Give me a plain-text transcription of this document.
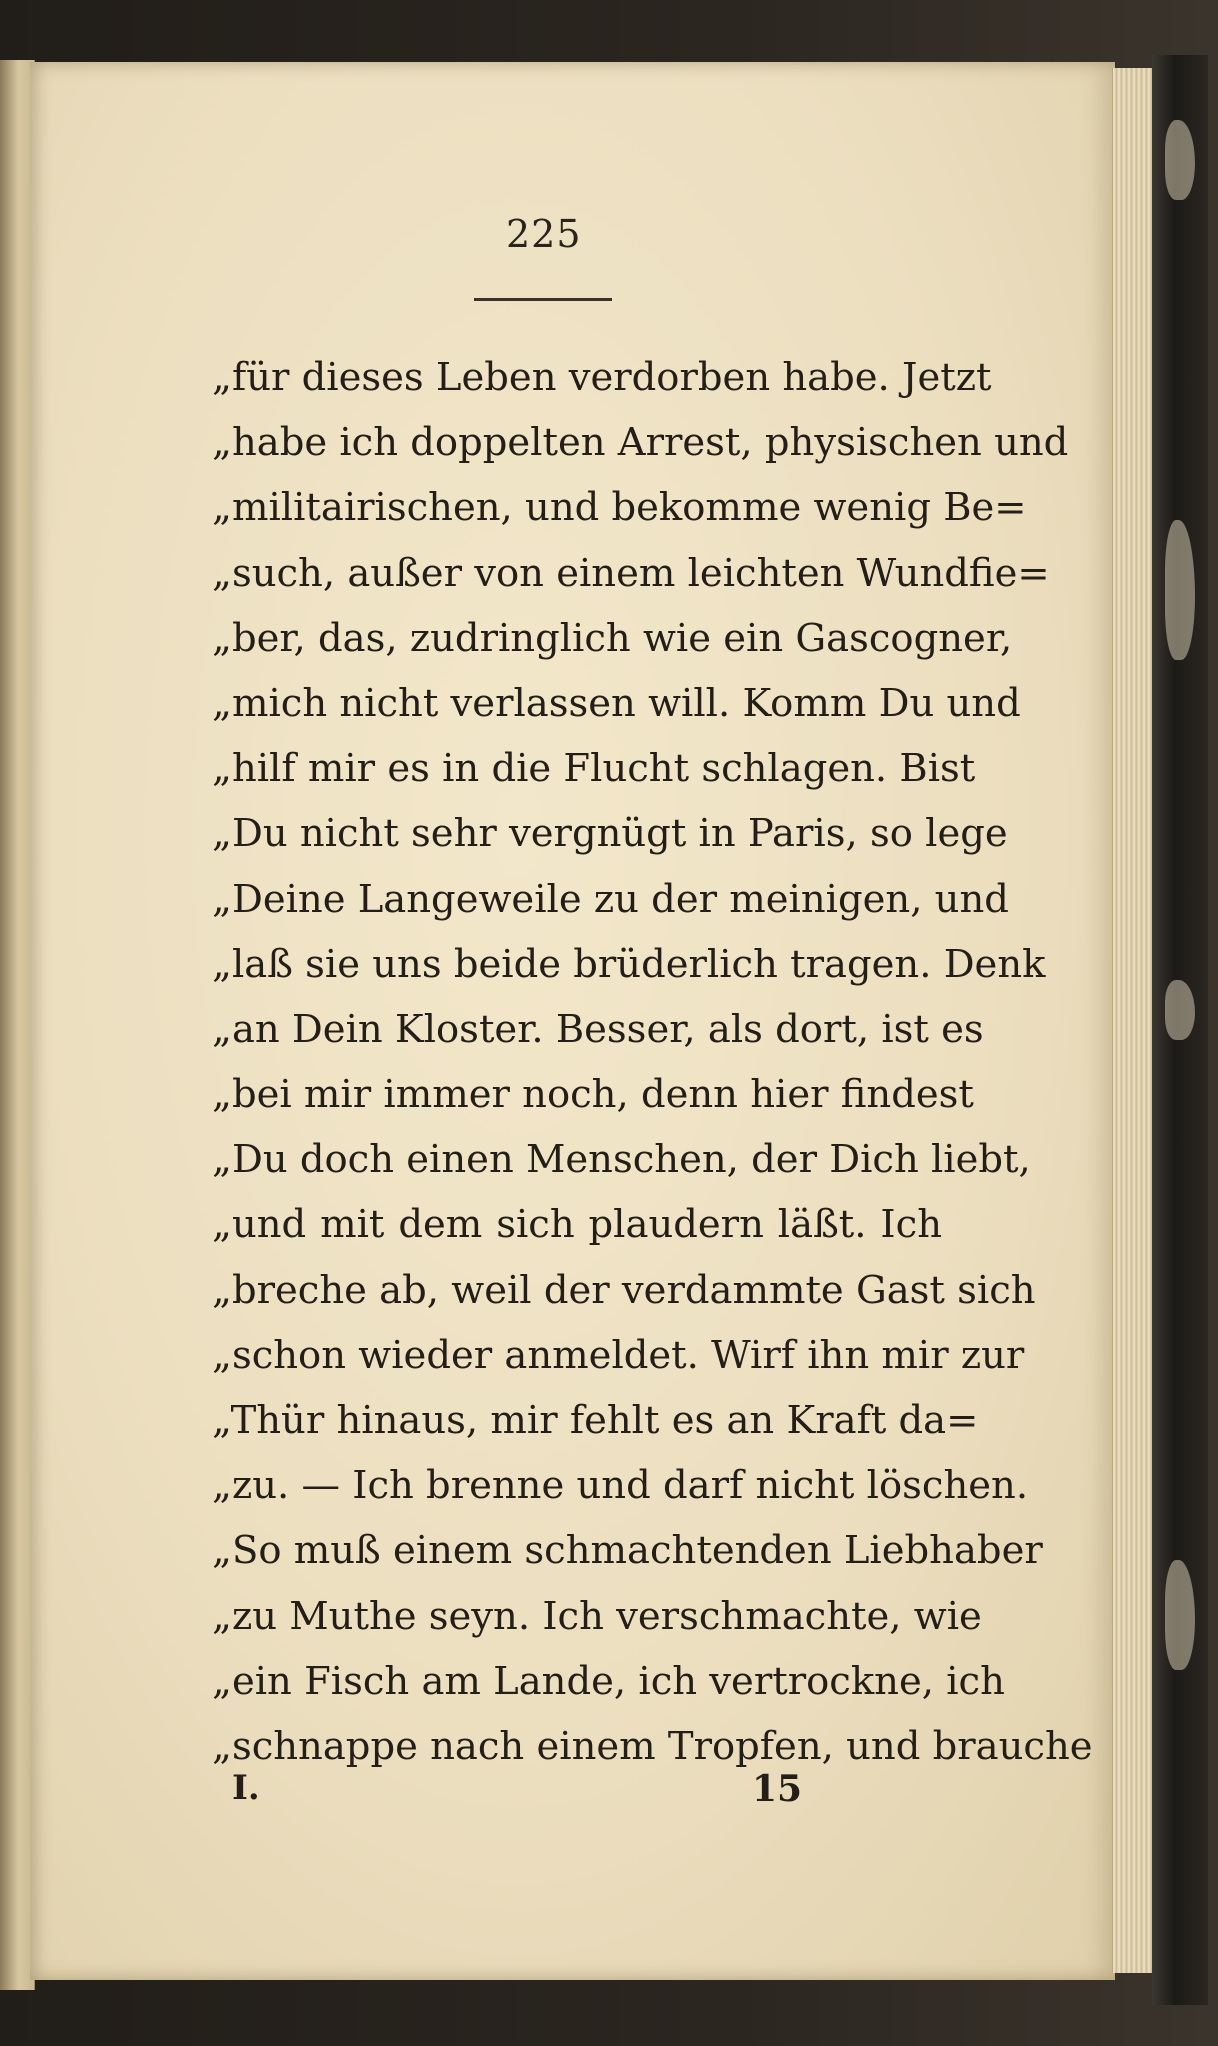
225
„für dieses Leben verdorben habe. Jetzt
„habe ich doppelten Arrest, physischen und
„militairischen, und bekomme wenig Be=
„such, außer von einem leichten Wundfie=
„ber, das, zudringlich wie ein Gascogner,
„mich nicht verlassen will. Komm Du und
„hilf mir es in die Flucht schlagen. Bist
„Du nicht sehr vergnügt in Paris, so lege
„Deine Langeweile zu der meinigen, und
„laß sie uns beide brüderlich tragen. Denk
„an Dein Kloster. Besser, als dort, ist es
„bei mir immer noch, denn hier findest
„Du doch einen Menschen, der Dich liebt,
„und mit dem sich plaudern läßt. Ich
„breche ab, weil der verdammte Gast sich
„schon wieder anmeldet. Wirf ihn mir zur
„Thür hinaus, mir fehlt es an Kraft da=
„zu. — Ich brenne und darf nicht löschen.
„So muß einem schmachtenden Liebhaber
„zu Muthe seyn. Ich verschmachte, wie
„ein Fisch am Lande, ich vertrockne, ich
„schnappe nach einem Tropfen, und brauche
I.	15
